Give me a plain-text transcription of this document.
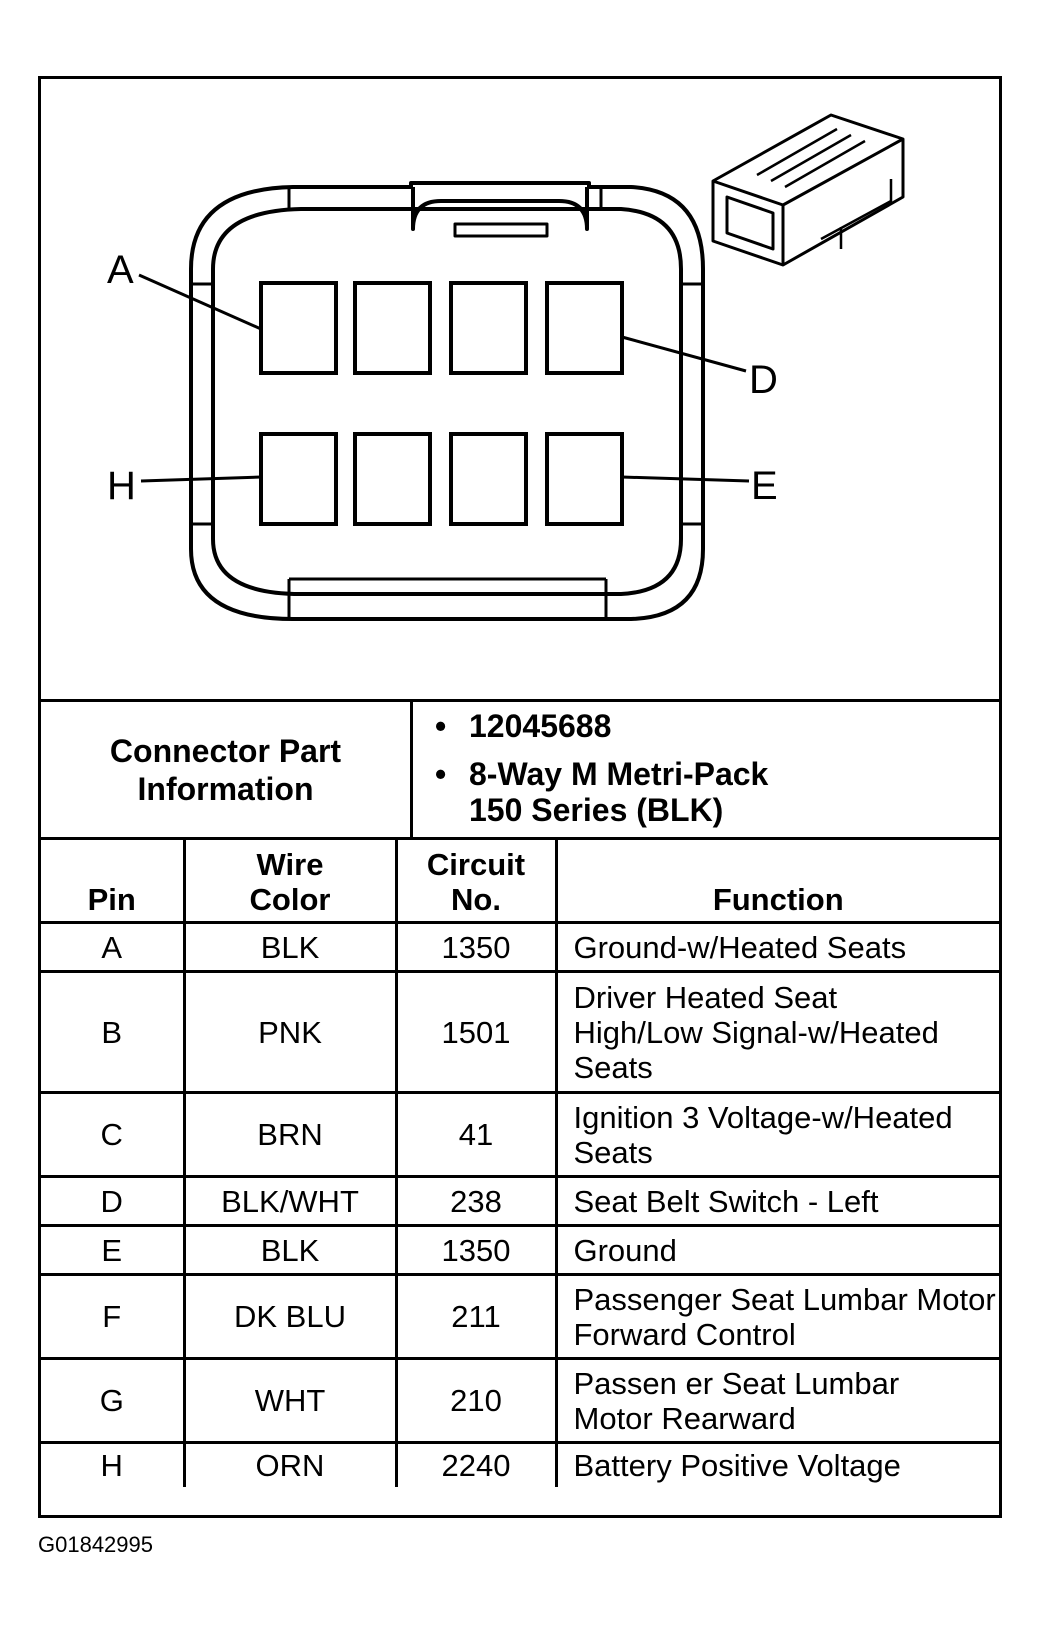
A
D
H	E
Connector Part Information
• 12045688
• 8-Way M Metri-Pack 150 Series (BLK)
Pin	Wire Color	Circuit No.	Function
A	BLK	1350	Ground-w/Heated Seats
B	PNK	1501	Driver Heated Seat High/Low Signal-w/Heated Seats
C	BRN	41	Ignition 3 Voltage-w/Heated Seats
D	BLK/WHT	238	Seat Belt Switch - Left
E	BLK	1350	Ground
F	DK BLU	211	Passenger Seat Lumbar Motor Forward Control
G	WHT	210	Passen er Seat Lumbar Motor Rearward
H	ORN	2240	Battery Positive Voltage
G01842995
